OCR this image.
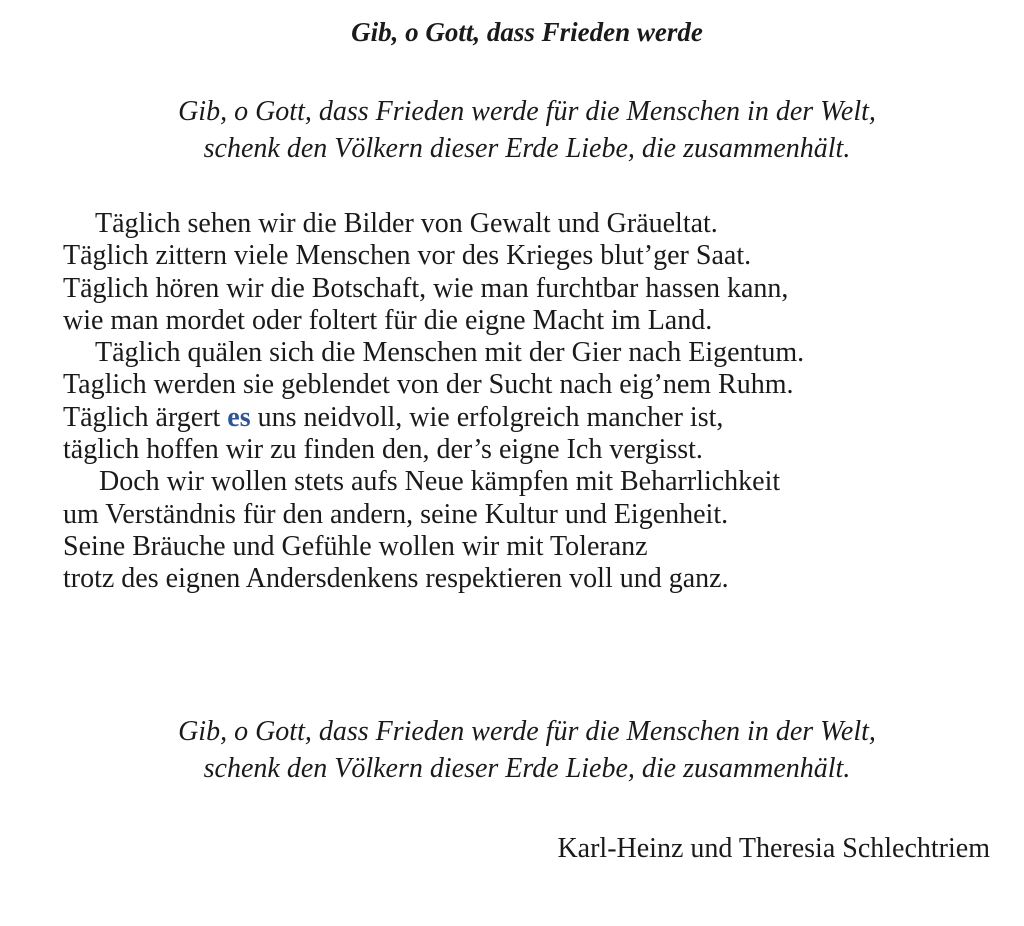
Gib, o Gott, dass Frieden werde
Gib, o Gott, dass Frieden werde für die Menschen in der Welt,
schenk den Völkern dieser Erde Liebe, die zusammenhält.
Täglich sehen wir die Bilder von Gewalt und Gräueltat.
Täglich zittern viele Menschen vor des Krieges blut’ger Saat.
Täglich hören wir die Botschaft, wie man furchtbar hassen kann,
wie man mordet oder foltert für die eigne Macht im Land.
Täglich quälen sich die Menschen mit der Gier nach Eigentum.
Taglich werden sie geblendet von der Sucht nach eig’nem Ruhm.
Täglich ärgert es uns neidvoll, wie erfolgreich mancher ist,
täglich hoffen wir zu finden den, der’s eigne Ich vergisst.
Doch wir wollen stets aufs Neue kämpfen mit Beharrlichkeit
um Verständnis für den andern, seine Kultur und Eigenheit.
Seine Bräuche und Gefühle wollen wir mit Toleranz
trotz des eignen Andersdenkens respektieren voll und ganz.
Gib, o Gott, dass Frieden werde für die Menschen in der Welt,
schenk den Völkern dieser Erde Liebe, die zusammenhält.
Karl-Heinz und Theresia Schlechtriem
